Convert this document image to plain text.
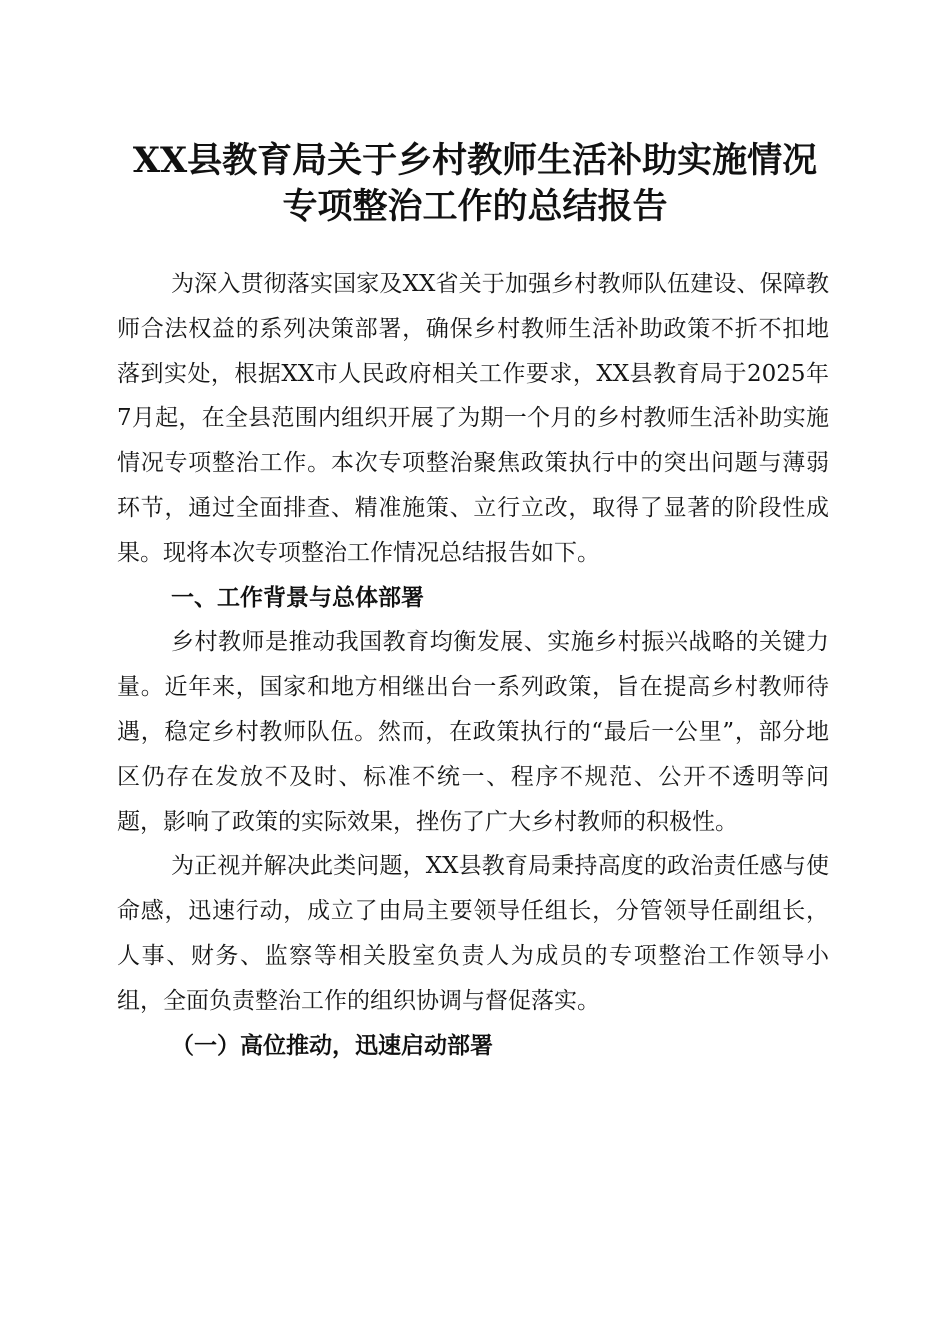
XX县教育局关于乡村教师生活补助实施情况
专项整治工作的总结报告

为深入贯彻落实国家及XX省关于加强乡村教师队伍建设、保障教师合法权益的系列决策部署，确保乡村教师生活补助政策不折不扣地落到实处，根据XX市人民政府相关工作要求，XX县教育局于2025年7月起，在全县范围内组织开展了为期一个月的乡村教师生活补助实施情况专项整治工作。本次专项整治聚焦政策执行中的突出问题与薄弱环节，通过全面排查、精准施策、立行立改，取得了显著的阶段性成果。现将本次专项整治工作情况总结报告如下。

一、工作背景与总体部署

乡村教师是推动我国教育均衡发展、实施乡村振兴战略的关键力量。近年来，国家和地方相继出台一系列政策，旨在提高乡村教师待遇，稳定乡村教师队伍。然而，在政策执行的“最后一公里”，部分地区仍存在发放不及时、标准不统一、程序不规范、公开不透明等问题，影响了政策的实际效果，挫伤了广大乡村教师的积极性。

为正视并解决此类问题，XX县教育局秉持高度的政治责任感与使命感，迅速行动，成立了由局主要领导任组长，分管领导任副组长，人事、财务、监察等相关股室负责人为成员的专项整治工作领导小组，全面负责整治工作的组织协调与督促落实。

（一）高位推动，迅速启动部署
